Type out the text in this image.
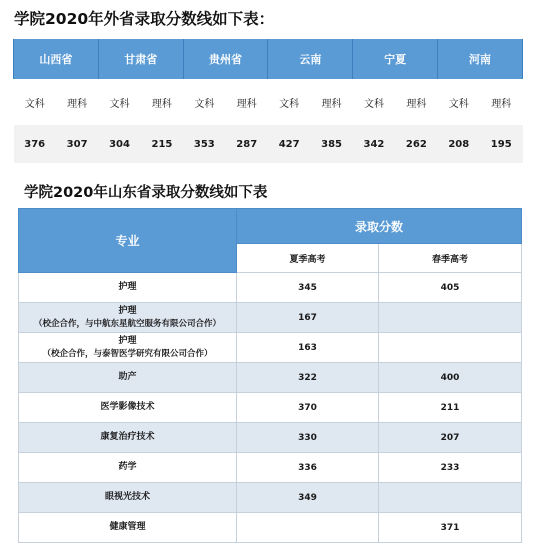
学院2020年外省录取分数线如下表：
山西省		甘肃省		贵州省		云南		宁夏		河南	
文科	理科	文科	理科	文科	理科	文科	理科	文科	理科	文科	理科
376	307	304	215	353	287	427	385	342	262	208	195
学院2020年山东省录取分数线如下表
专业	录取分数	
	夏季高考	春季高考

护理	345	405

护理
（校企合作，与中航东星航空服务有限公司合作）	167	

护理
（校企合作，与泰智医学研究有限公司合作）	163	

助产	322	400

医学影像技术	370	211

康复治疗技术	330	207

药学	336	233

眼视光技术	349	

健康管理		371
